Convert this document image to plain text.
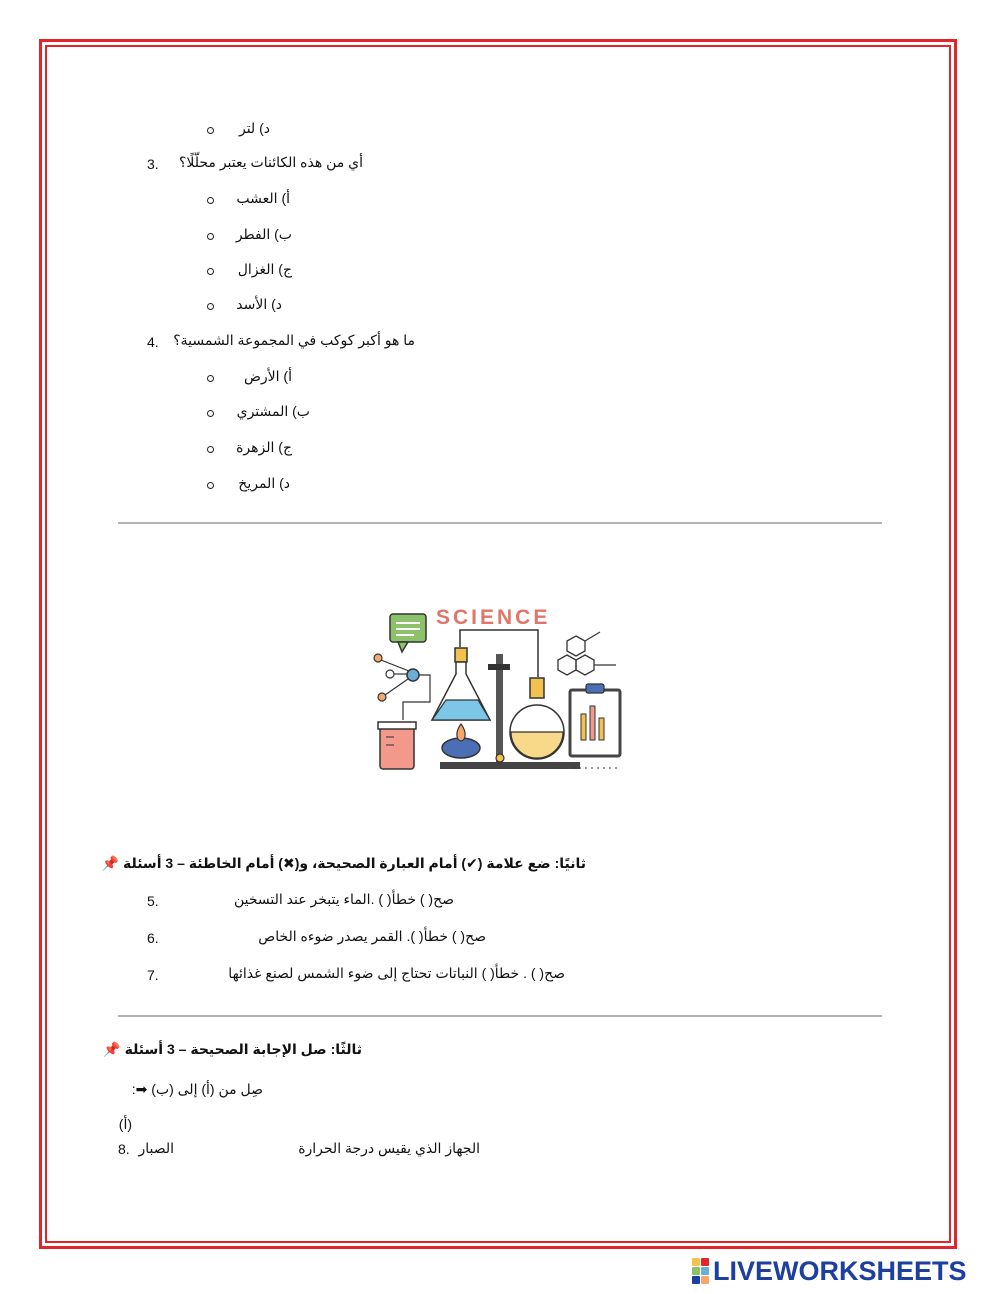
د) لتر
3. أي من هذه الكائنات يعتبر محلّلًا؟
أ) العشب
ب) الفطر
ج) الغزال
د) الأسد
4. ما هو أكبر كوكب في المجموعة الشمسية؟
أ) الأرض
ب) المشتري
ج) الزهرة
د) المريخ
SCIENCE
ثانيًا: ضع علامة (✔) أمام العبارة الصحيحة، و(✖) أمام الخاطئة – 3 أسئلة 📌
5.	صح( ) خطأ( ) .الماء يتبخر عند التسخين
6.	صح( ) خطأ( ). القمر يصدر ضوءه الخاص
7.	صح( ) . خطأ( ) النباتات تحتاج إلى ضوء الشمس لصنع غذائها
ثالثًا: صل الإجابة الصحيحة – 3 أسئلة 📌
صِل من (أ) إلى (ب) ➡:
(أ)
8. الصبار	الجهاز الذي يقيس درجة الحرارة
LIVEWORKSHEETS
